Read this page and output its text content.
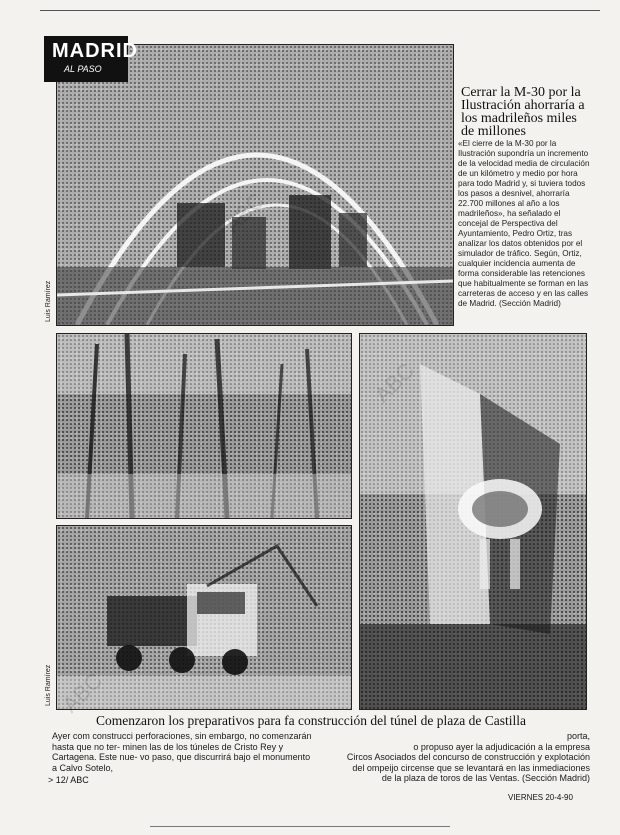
MADRID
AL PASO
Luis Ramírez
Cerrar la M-30 por la Ilustración ahorraría a los madrileños miles de millones
«El cierre de la M-30 por la Ilustración supondría un incremento de la velocidad media de circulación de un kilómetro y medio por hora para todo Madrid y, si tuviera todos los pasos a desnivel, ahorraría 22.700 millones al año a los madrileños», ha señalado el concejal de Perspectiva del Ayuntamiento, Pedro Ortiz, tras analizar los datos obtenidos por el simulador de tráfico. Según, Ortiz, cualquier incidencia aumenta de forma considerable las retenciones que habitualmente se forman en las carreteras de acceso y en las calles de Madrid. (Sección Madrid)
Luis Ramírez
Comenzaron los preparativos para fa construcción del túnel de plaza de Castilla
Ayer com construcci perforaciones, sin embargo, no comenzarán hasta que no ter- minen las de los túneles de Cristo Rey y Cartagena. Este nue- vo paso, que discurrirá bajo el monumento a Calvo Sotelo,
porta,
o propuso ayer la adjudicación a la empresa
Circos Asociados del concurso de construcción y explotación
del ompeijo circense que se levantará en las inmediaciones
de la plaza de toros de las Ventas. (Sección Madrid)
> 12/ ABC
VIERNES 20-4-90
